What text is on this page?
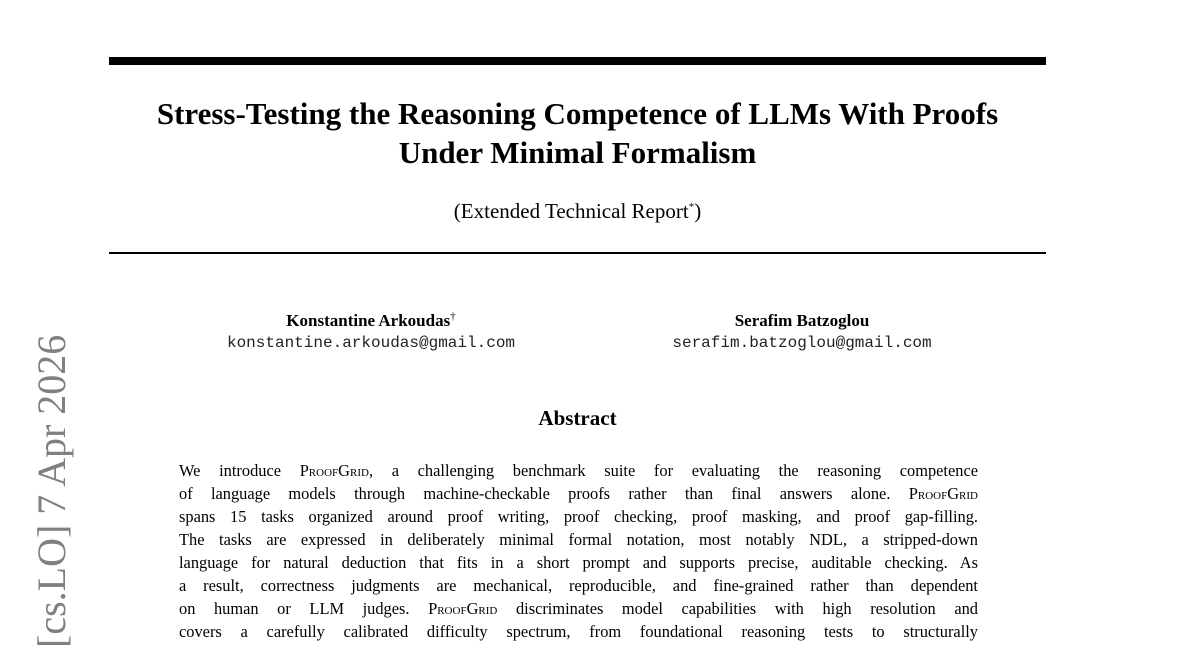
Stress-Testing the Reasoning Competence of LLMs With Proofs
Under Minimal Formalism
(Extended Technical Report*)
Konstantine Arkoudas†
konstantine.arkoudas@gmail.com
Serafim Batzoglou
serafim.batzoglou@gmail.com
Abstract
We introduce ProofGrid, a challenging benchmark suite for evaluating the reasoning competence
of language models through machine-checkable proofs rather than final answers alone. ProofGrid
spans 15 tasks organized around proof writing, proof checking, proof masking, and proof gap-filling.
The tasks are expressed in deliberately minimal formal notation, most notably NDL, a stripped-down
language for natural deduction that fits in a short prompt and supports precise, auditable checking. As
a result, correctness judgments are mechanical, reproducible, and fine-grained rather than dependent
on human or LLM judges. ProofGrid discriminates model capabilities with high resolution and
covers a carefully calibrated difficulty spectrum, from foundational reasoning tests to structurally
[cs.LO] 7 Apr 2026
